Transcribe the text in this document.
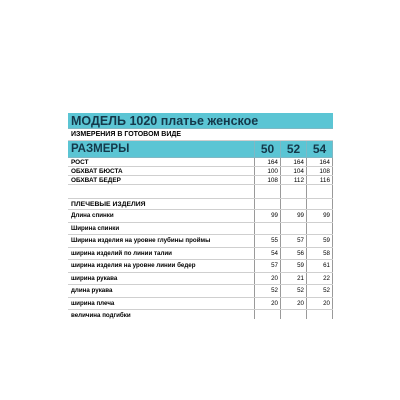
МОДЕЛЬ 1020 платье женское
ИЗМЕРЕНИЯ В ГОТОВОМ ВИДЕ
РАЗМЕРЫ	50	52	54
РОСТ	164	164	164
ОБХВАТ БЮСТА	100	104	108
ОБХВАТ БЕДЕР	108	112	116
ПЛЕЧЕВЫЕ ИЗДЕЛИЯ
Длина спинки	99	99	99
Ширина спинки
Ширина изделия на уровне глубины проймы	55	57	59
ширина изделий по линии талии	54	56	58
ширина изделия на уровне линии бедер	57	59	61
ширина рукава	20	21	22
длина рукава	52	52	52
ширина плеча	20	20	20
величина подгибки
